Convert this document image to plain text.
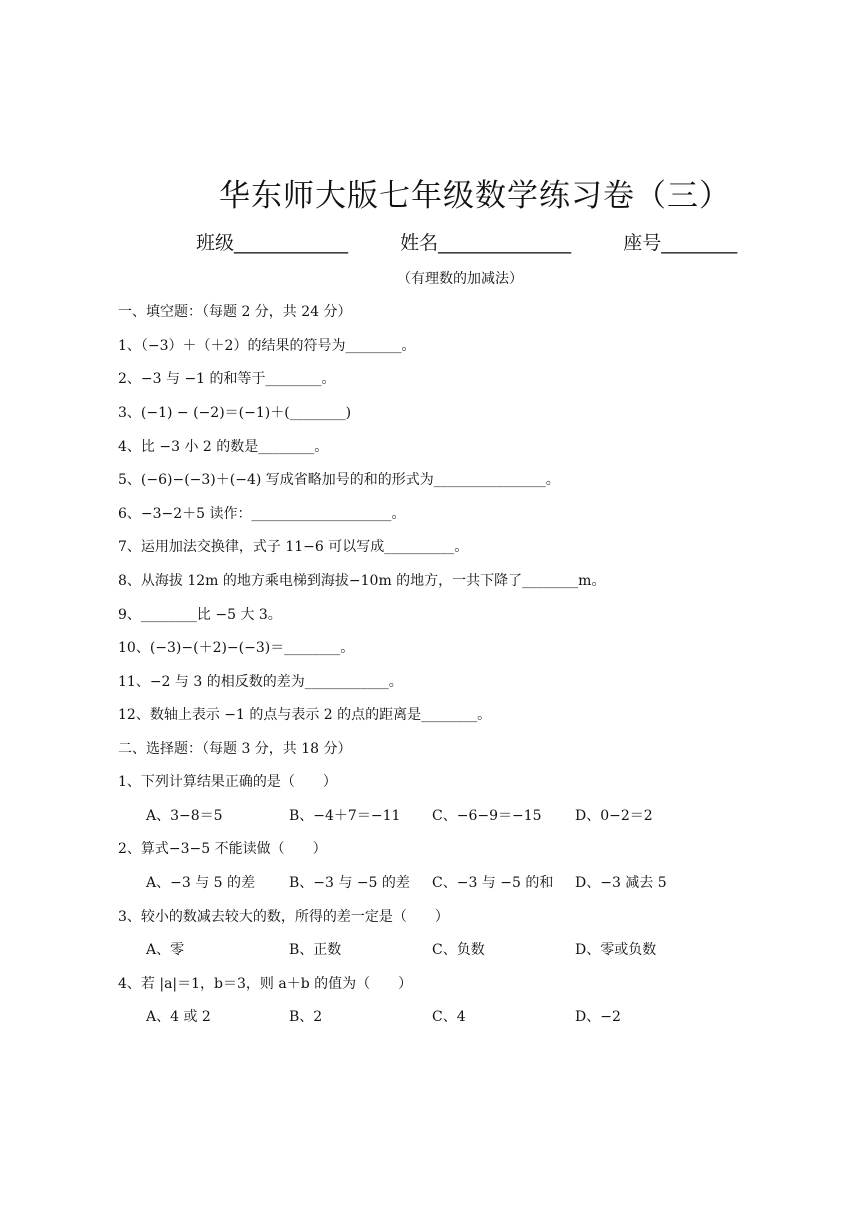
华东师大版七年级数学练习卷（三）
班级____________	姓名______________	座号________
（有理数的加减法）
一、填空题：（每题 2 分，共 24 分）
1、（−3）＋（＋2）的结果的符号为________。
2、−3 与 −1 的和等于________。
3、(−1) − (−2)＝(−1)＋(________)
4、比 −3 小 2 的数是________。
5、(−6)−(−3)＋(−4) 写成省略加号的和的形式为________________。
6、−3−2＋5 读作：____________________。
7、运用加法交换律，式子 11−6 可以写成__________。
8、从海拔 12m 的地方乘电梯到海拔−10m 的地方，一共下降了________m。
9、________比 −5 大 3。
10、(−3)−(＋2)−(−3)＝________。
11、−2 与 3 的相反数的差为____________。
12、数轴上表示 −1 的点与表示 2 的点的距离是________。
二、选择题：（每题 3 分，共 18 分）
1、下列计算结果正确的是（　　）
A、3−8＝5	B、−4＋7＝−11 C、−6−9＝−15 D、0−2＝2
2、算式−3−5 不能读做（　　）
A、−3 与 5 的差 B、−3 与 −5 的差 C、−3 与 −5 的和 D、−3 减去 5
3、较小的数减去较大的数，所得的差一定是（　　）
A、零	B、正数	C、负数	D、零或负数
4、若 |a|＝1，b＝3，则 a＋b 的值为（　　）
A、4 或 2	B、2	C、4	D、−2
